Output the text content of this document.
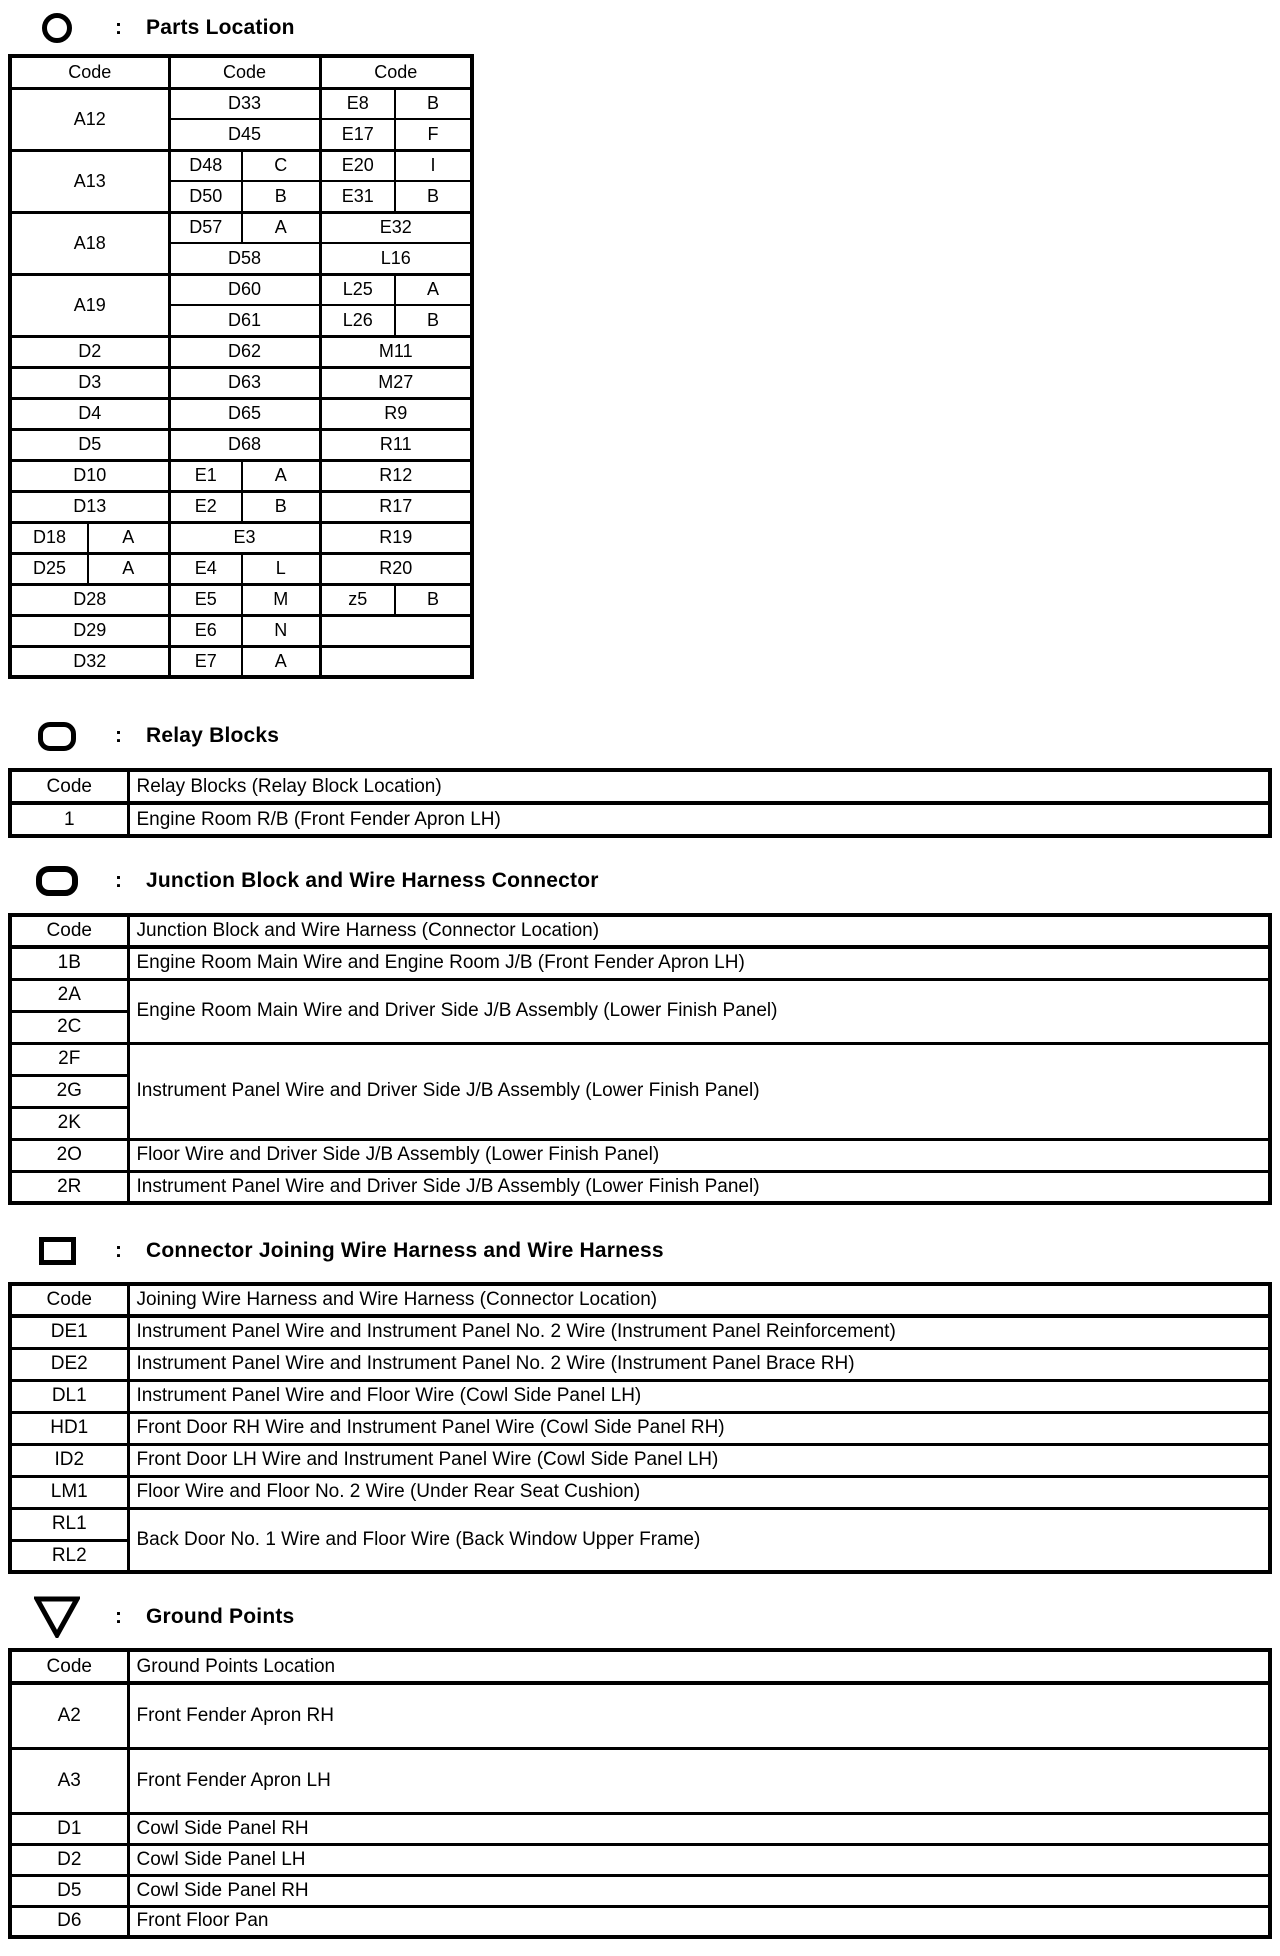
: Parts Location
Code		Code		Code	
A12		D33		E8	B
		D45		E17	F
A13		D48	C	E20	I
		D50	B	E31	B
A18		D57	A	E32	
		D58		L16	
A19		D60		L25	A
		D61		L26	B
D2		D62		M11	
D3		D63		M27	
D4		D65		R9	
D5		D68		R11	
D10		E1	A	R12	
D13		E2	B	R17	
D18	A	E3		R19	
D25	A	E4	L	R20	
D28		E5	M	z5	B
D29		E6	N		
D32		E7	A		
: Relay Blocks
Code	Relay Blocks (Relay Block Location)
1	Engine Room R/B (Front Fender Apron LH)
: Junction Block and Wire Harness Connector
Code	Junction Block and Wire Harness (Connector Location)
1B	Engine Room Main Wire and Engine Room J/B (Front Fender Apron LH)
2A	Engine Room Main Wire and Driver Side J/B Assembly (Lower Finish Panel)
2C	
2F	Instrument Panel Wire and Driver Side J/B Assembly (Lower Finish Panel)
2G	
2K	
2O	Floor Wire and Driver Side J/B Assembly (Lower Finish Panel)
2R	Instrument Panel Wire and Driver Side J/B Assembly (Lower Finish Panel)
: Connector Joining Wire Harness and Wire Harness
Code	Joining Wire Harness and Wire Harness (Connector Location)
DE1	Instrument Panel Wire and Instrument Panel No. 2 Wire (Instrument Panel Reinforcement)
DE2	Instrument Panel Wire and Instrument Panel No. 2 Wire (Instrument Panel Brace RH)
DL1	Instrument Panel Wire and Floor Wire (Cowl Side Panel LH)
HD1	Front Door RH Wire and Instrument Panel Wire (Cowl Side Panel RH)
ID2	Front Door LH Wire and Instrument Panel Wire (Cowl Side Panel LH)
LM1	Floor Wire and Floor No. 2 Wire (Under Rear Seat Cushion)
RL1	Back Door No. 1 Wire and Floor Wire (Back Window Upper Frame)
RL2	
: Ground Points
Code	Ground Points Location
A2	Front Fender Apron RH
A3	Front Fender Apron LH
D1	Cowl Side Panel RH
D2	Cowl Side Panel LH
D5	Cowl Side Panel RH
D6	Front Floor Pan
